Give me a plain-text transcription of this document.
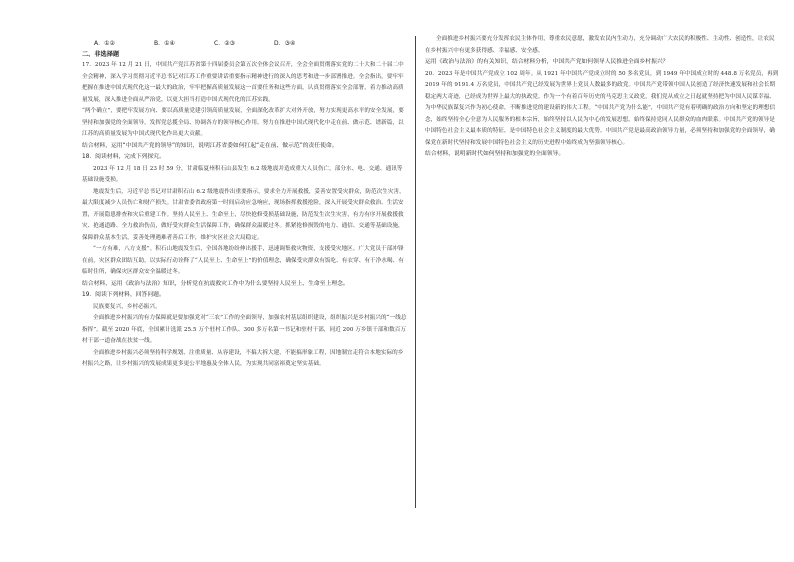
A．①②	B．①④	C．②③	D．③④

二、非选择题

17．2023 年 12 月 21 日，中国共产党江苏省第十四届委员会第五次全体会议召开，全会全面贯彻落实党的二十大和二十届二中全会精神，深入学习贯彻习近平总书记对江苏工作重要讲话重要指示精神进行的深入的思考和进一步部署推进。全会指出，要牢牢把握在推进中国式现代化这一最大的政治，牢牢把握高质量发展这一首要任务和这些方面，认真贯彻落实全会部署，着力推动高质量发展，深入推进全面从严治党，以更大担当打造中国式现代化的江苏实践。

“两个确立”，要把牢发展方向、要以高质量党建引领高质量发展，全面深化改革扩大对外开放，努力实现更高水平的安全发展，要坚持和加强党的全面领导，发挥党总揽全局、协调各方的领导核心作用。努力在推进中国式现代化中走在前、做示范、谱新篇，以江苏的高质量发展为中国式现代化作出更大贡献。

结合材料，运用“中国共产党的领导”的知识，说明江苏省委如何扛起“走在前、做示范”的责任使命。

18．阅读材料，完成下列探究。

2023 年 12 月 18 日 23 时 59 分，甘肃临夏州积石山县发生 6.2 级地震并造成重大人员伤亡，部分水、电、交通、通讯等基础设施受损。

地震发生后，习近平总书记对甘肃积石山 6.2 级地震作出重要指示，要求全力开展救援，妥善安置受灾群众，防范次生灾害，最大限度减少人员伤亡和财产损失。甘肃省委省政府第一时间启动应急响应，现场指挥救援抢险，深入开展受灾群众救治、生活安置，开展隐患排查和灾后重建工作。坚持人民至上、生命至上，尽快抢修受损基础设施，防范发生次生灾害，有力有序开展救援救灾、抢通道路、全力救治伤员，做好受灾群众生活保障工作，确保群众温暖过冬。抓紧抢修损毁的电力、通信、交通等基础设施，保障群众基本生活，妥善处理遇难者善后工作，维护灾区社会大局稳定。

“一方有难，八方支援”。积石山地震发生后，全国各地纷纷伸出援手，迅速调集救灾物资，支援受灾地区。广大党员干部冲锋在前，灾区群众团结互助，以实际行动诠释了“人民至上、生命至上”的价值理念，确保受灾群众有饭吃、有衣穿、有干净水喝、有临时住所，确保灾区群众安全温暖过冬。

结合材料，运用《政治与法治》知识，分析党在抗震救灾工作中为什么要坚持人民至上、生命至上理念。

19．阅读下列材料，回答问题。

民族要复兴，乡村必振兴。

全面推进乡村振兴的有力保障就是要加强党对“三农”工作的全面领导，加强农村基层组织建设，组织振兴是乡村振兴的“一线总指挥”。截至 2020 年底，全国累计选派 25.5 万个驻村工作队、300 多万名第一书记和驻村干部，同近 200 万乡镇干部和数百万村干部一道奋战在扶贫一线。

全面推进乡村振兴必须坚持科学规划、注重质量、从容建设，不搞大拆大建，不能搞形象工程，因地制宜走符合本地实际的乡村振兴之路，让乡村振兴的发展成果更多更公平地惠及全体人民，为实现共同富裕奠定坚实基础。

全面推进乡村振兴要充分发挥农民主体作用，尊重农民意愿，激发农民内生动力，充分调动广大农民的积极性、主动性、创造性，让农民在乡村振兴中有更多获得感、幸福感、安全感。

运用《政治与法治》的有关知识，结合材料分析，中国共产党如何领导人民推进全面乡村振兴？

20．2023 年是中国共产党成立 102 周年。从 1921 年中国共产党成立时的 50 多名党员，到 1949 年中国成立时的 448.8 万名党员，再到 2019 年的 9191.4 万名党员，中国共产党已经发展为世界上党员人数最多的政党。中国共产党带领中国人民创造了经济快速发展和社会长期稳定两大奇迹，已经成为世界上最大的执政党。作为一个有着百年历史的马克思主义政党，我们党从成立之日起就坚持把为中国人民谋幸福、为中华民族谋复兴作为初心使命，不断推进党的建设新的伟大工程。“中国共产党为什么能”，中国共产党有着明确的政治方向和坚定的理想信念，始终坚持全心全意为人民服务的根本宗旨，始终坚持以人民为中心的发展思想，始终保持党同人民群众的血肉联系。中国共产党的领导是中国特色社会主义最本质的特征，是中国特色社会主义制度的最大优势。中国共产党是最高政治领导力量，必须坚持和加强党的全面领导，确保党在新时代坚持和发展中国特色社会主义的历史进程中始终成为坚强领导核心。

结合材料，说明新时代如何坚持和加强党的全面领导。
